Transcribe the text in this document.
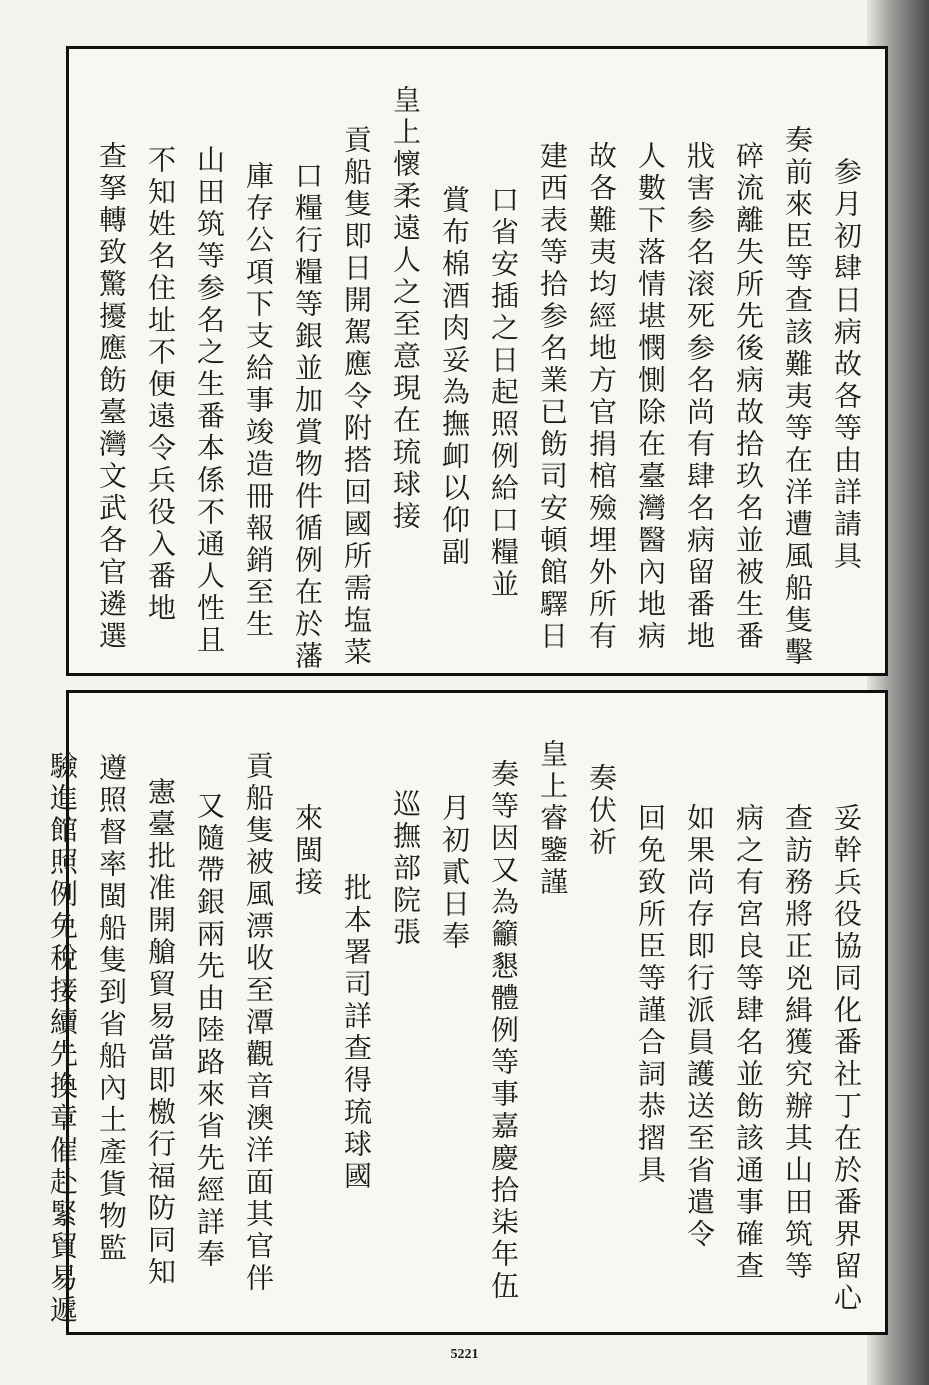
参月初肆日病故各等由詳請具
奏前來臣等查該難夷等在洋遭風船隻擊
碎流離失所先後病故拾玖名並被生番
戕害参名滚死参名尚有肆名病留番地
人數下落情堪憫惻除在臺灣醫內地病
故各難夷均經地方官捐棺殮埋外所有
建西表等拾参名業已飭司安頓館驛日
口省安插之日起照例給口糧並
賞布棉酒肉妥為撫卹以仰副
皇上懷柔遠人之至意現在琉球接
貢船隻即日開駕應令附搭回國所需塩菜
口糧行糧等銀並加賞物件循例在於藩
庫存公項下支給事竣造冊報銷至生
山田筑等参名之生番本係不通人性且
不知姓名住址不便遠令兵役入番地
查拏轉致驚擾應飭臺灣文武各官遴選
妥幹兵役協同化番社丁在於番界留心
查訪務將正兇緝獲究辦其山田筑等
病之有宮良等肆名並飭該通事確查
如果尚存即行派員護送至省遣令
回免致所臣等謹合詞恭摺具
奏伏祈
皇上睿鑒謹
奏等因又為籲懇體例等事嘉慶拾柒年伍
月初貳日奉
巡撫部院張
批本署司詳查得琉球國
來閩接
貢船隻被風漂收至潭觀音澳洋面其官伴
又隨帶銀兩先由陸路來省先經詳奉
憲臺批准開艙貿易當即檄行福防同知
遵照督率閩船隻到省船內土產貨物監
驗進館照例免稅接續先換章催赴緊貿易遞
5221
